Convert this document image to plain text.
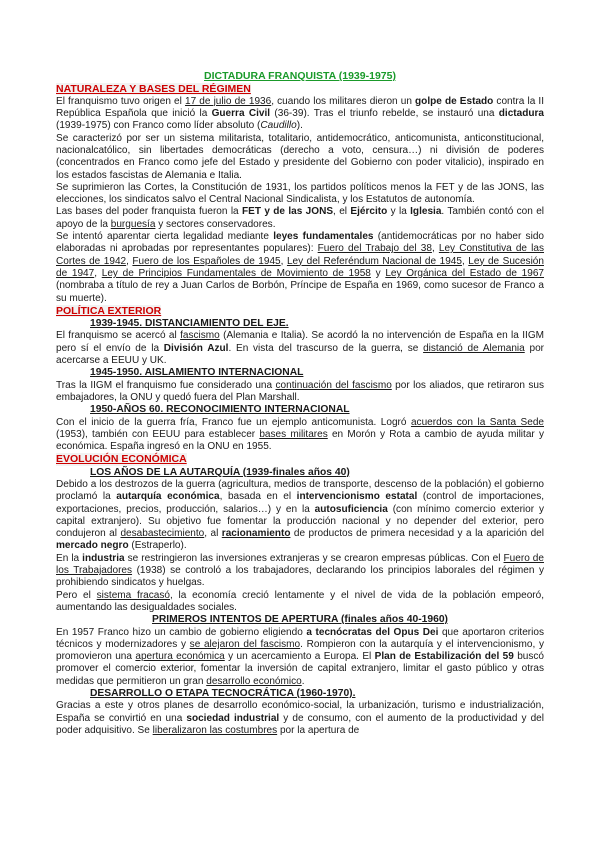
DICTADURA FRANQUISTA (1939-1975)
NATURALEZA Y BASES DEL RÉGIMEN

El franquismo tuvo origen el 17 de julio de 1936, cuando los militares dieron un golpe de Estado contra la II República Española que inició la Guerra Civil (36-39). Tras el triunfo rebelde, se instauró una dictadura (1939-1975) con Franco como líder absoluto (Caudillo).

Se caracterizó por ser un sistema militarista, totalitario, antidemocrático, anticomunista, anticonstitucional, nacionalcatólico, sin libertades democráticas (derecho a voto, censura…) ni división de poderes (concentrados en Franco como jefe del Estado y presidente del Gobierno con poder vitalicio), inspirado en los estados fascistas de Alemania e Italia.

Se suprimieron las Cortes, la Constitución de 1931, los partidos políticos menos la FET y de las JONS, las elecciones, los sindicatos salvo el Central Nacional Sindicalista, y los Estatutos de autonomía.

Las bases del poder franquista fueron la FET y de las JONS, el Ejército y la Iglesia. También contó con el apoyo de la burguesía y sectores conservadores.

Se intentó aparentar cierta legalidad mediante leyes fundamentales (antidemocráticas por no haber sido elaboradas ni aprobadas por representantes populares): Fuero del Trabajo del 38, Ley Constitutiva de las Cortes de 1942, Fuero de los Españoles de 1945, Ley del Referéndum Nacional de 1945, Ley de Sucesión de 1947, Ley de Principios Fundamentales de Movimiento de 1958 y Ley Orgánica del Estado de 1967 (nombraba a título de rey a Juan Carlos de Borbón, Príncipe de España en 1969, como sucesor de Franco a su muerte).

POLÍTICA EXTERIOR
1939-1945. DISTANCIAMIENTO DEL EJE.

El franquismo se acercó al fascismo (Alemania e Italia). Se acordó la no intervención de España en la IIGM pero sí el envío de la División Azul. En vista del trascurso de la guerra, se distanció de Alemania por acercarse a EEUU y UK.

1945-1950. AISLAMIENTO INTERNACIONAL

Tras la IIGM el franquismo fue considerado una continuación del fascismo por los aliados, que retiraron sus embajadores, la ONU y quedó fuera del Plan Marshall.

1950-AÑOS 60. RECONOCIMIENTO INTERNACIONAL

Con el inicio de la guerra fría, Franco fue un ejemplo anticomunista. Logró acuerdos con la Santa Sede (1953), también con EEUU para establecer bases militares en Morón y Rota a cambio de ayuda militar y económica. España ingresó en la ONU en 1955.

EVOLUCIÓN ECONÓMICA
LOS AÑOS DE LA AUTARQUÍA (1939-finales años 40)

Debido a los destrozos de la guerra (agricultura, medios de transporte, descenso de la población) el gobierno proclamó la autarquía económica, basada en el intervencionismo estatal (control de importaciones, exportaciones, precios, producción, salarios…) y en la autosuficiencia (con mínimo comercio exterior y capital extranjero). Su objetivo fue fomentar la producción nacional y no depender del exterior, pero condujeron al desabastecimiento, al racionamiento de productos de primera necesidad y a la aparición del mercado negro (Estraperlo).

En la industria se restringieron las inversiones extranjeras y se crearon empresas públicas. Con el Fuero de los Trabajadores (1938) se controló a los trabajadores, declarando los principios laborales del régimen y prohibiendo sindicatos y huelgas.

Pero el sistema fracasó, la economía creció lentamente y el nivel de vida de la población empeoró, aumentando las desigualdades sociales.

PRIMEROS INTENTOS DE APERTURA (finales años 40-1960)

En 1957 Franco hizo un cambio de gobierno eligiendo a tecnócratas del Opus Dei que aportaron criterios técnicos y modernizadores y se alejaron del fascismo. Rompieron con la autarquía y el intervencionismo, y promovieron una apertura económica y un acercamiento a Europa. El Plan de Estabilización del 59 buscó promover el comercio exterior, fomentar la inversión de capital extranjero, limitar el gasto público y otras medidas que permitieron un gran desarrollo económico.

DESARROLLO O ETAPA TECNOCRÁTICA (1960-1970).

Gracias a este y otros planes de desarrollo económico-social, la urbanización, turismo e industrialización, España se convirtió en una sociedad industrial y de consumo, con el aumento de la productividad y del poder adquisitivo. Se liberalizaron las costumbres por la apertura de
